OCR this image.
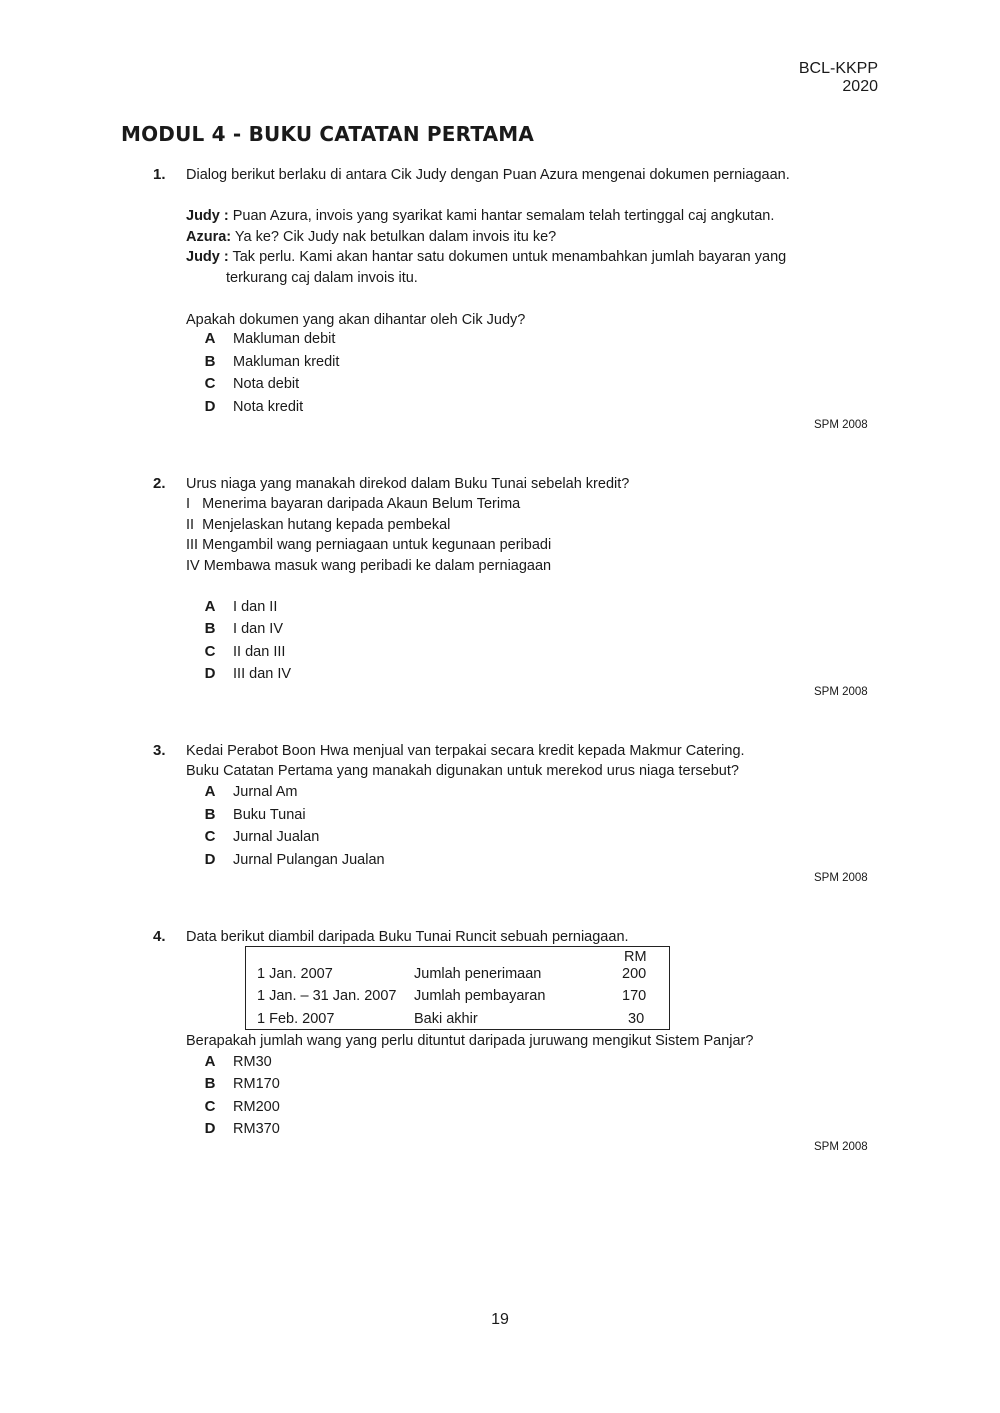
BCL-KKPP 2020
MODUL 4 - BUKU CATATAN PERTAMA
1. Dialog berikut berlaku di antara Cik Judy dengan Puan Azura mengenai dokumen perniagaan.
Judy : Puan Azura, invois yang syarikat kami hantar semalam telah tertinggal caj angkutan.
Azura: Ya ke? Cik Judy nak betulkan dalam invois itu ke?
Judy : Tak perlu. Kami akan hantar satu dokumen untuk menambahkan jumlah bayaran yang
terkurang caj dalam invois itu.
Apakah dokumen yang akan dihantar oleh Cik Judy?
A Makluman debit
B Makluman kredit
C Nota debit
D Nota kredit
SPM 2008
2. Urus niaga yang manakah direkod dalam Buku Tunai sebelah kredit?
I   Menerima bayaran daripada Akaun Belum Terima
II  Menjelaskan hutang kepada pembekal
III Mengambil wang perniagaan untuk kegunaan peribadi
IV Membawa masuk wang peribadi ke dalam perniagaan
A I dan II
B I dan IV
C II dan III
D III dan IV
SPM 2008
3. Kedai Perabot Boon Hwa menjual van terpakai secara kredit kepada Makmur Catering.
Buku Catatan Pertama yang manakah digunakan untuk merekod urus niaga tersebut?
A Jurnal Am
B Buku Tunai
C Jurnal Jualan
D Jurnal Pulangan Jualan
SPM 2008
4. Data berikut diambil daripada Buku Tunai Runcit sebuah perniagaan.
RM
1 Jan. 2007	Jumlah penerimaan	200
1 Jan. – 31 Jan. 2007 Jumlah pembayaran	170
1 Feb. 2007	Baki akhir	30
Berapakah jumlah wang yang perlu dituntut daripada juruwang mengikut Sistem Panjar?
A RM30
B RM170
C RM200
D RM370
SPM 2008
19
